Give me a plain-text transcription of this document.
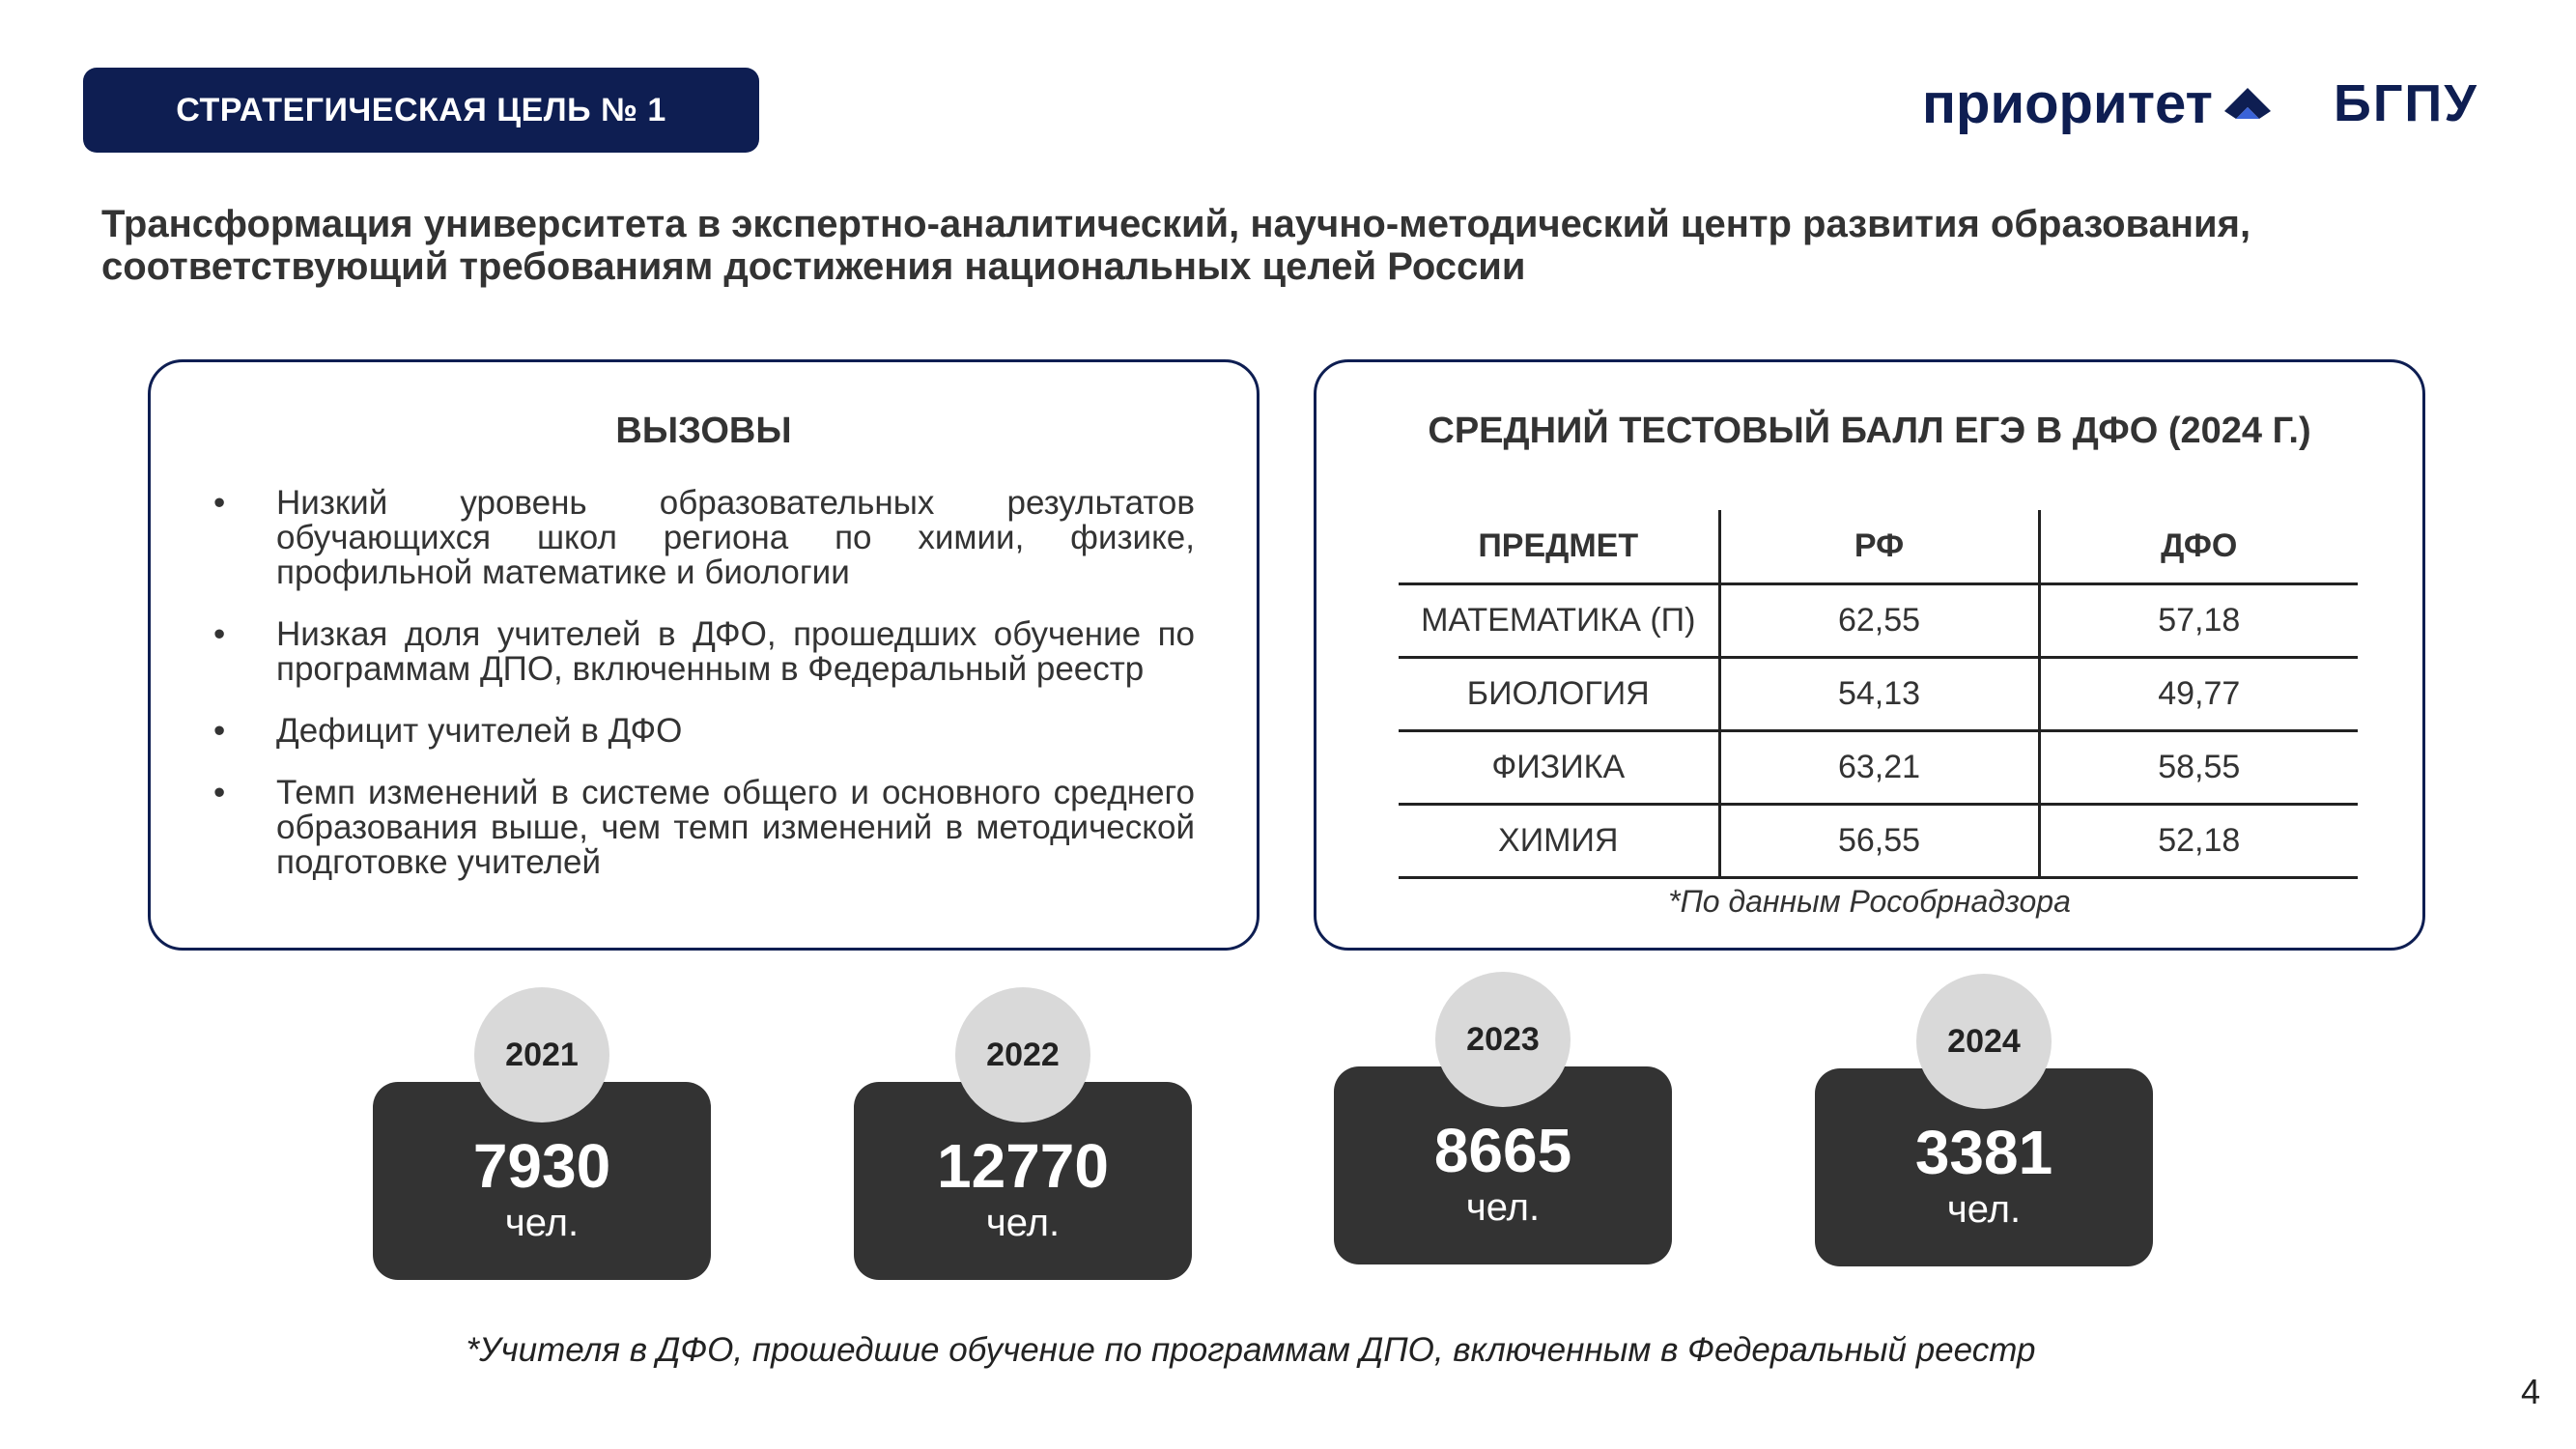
СТРАТЕГИЧЕСКАЯ ЦЕЛЬ № 1	приоритет БГПУ
Трансформация университета в экспертно-аналитический, научно-методический центр развития образования,
соответствующий требованиям достижения национальных целей России
ВЫЗОВЫ
•	Низкий уровень образовательных результатов обучающихся школ региона по химии, физике, профильной математике и биологии
•	Низкая доля учителей в ДФО, прошедших обучение по программам ДПО, включенным в Федеральный реестр
•	Дефицит учителей в ДФО
•	Темп изменений в системе общего и основного среднего образования выше, чем темп изменений в методической подготовке учителей
СРЕДНИЙ ТЕСТОВЫЙ БАЛЛ ЕГЭ В ДФО (2024 Г.)
ПРЕДМЕТ	РФ	ДФО
МАТЕМАТИКА (П)	62,55	57,18
БИОЛОГИЯ	54,13	49,77
ФИЗИКА	63,21	58,55
ХИМИЯ	56,55	52,18
*По данным Рособрнадзора
7930
чел.
2021
12770
чел.
2022
8665
чел.
2023
3381
чел.
2024
*Учителя в ДФО, прошедшие обучение по программам ДПО, включенным в Федеральный реестр
4
